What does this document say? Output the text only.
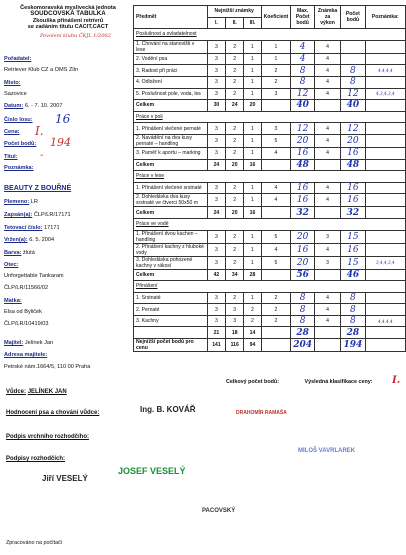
Českomoravská myslivecká jednota
SOUDCOVSKÁ TABULKA
Zkouška přinášení retrívrů
se zadáním titulu CACIT,CACT
Povolení klubu ČKJL 1/2002
Pořadatel:
Retriever Klub CZ a OMS Zlín
Místo:
Sazovice
Datum: 6. - 7. 10. 2007
Číslo losu: 16
Cena: I.
Počet bodů: 194
Titul: -
Poznámka:
BEAUTY Z BOUŘNÉ
Plemeno: LR
Zapsán(a): ČLP/LR/17171
Tetovací číslo: 17171
Vržen(a): 6. 5. 2004
Barva: žlutá
Otec:
Unforgettable Tankaram
ČLP/LR/11566/02
Matka:
Elsa od Byliček
ČLP/LR/10419/03
Majitel: Jelínek Jan
Adresa majitele:
Petrské nám.1664/5, 110 00 Praha
Předmět	Nejnižší známky			Koeficient	Max. Počet bodů	Známka za výkon	Počet bodů	Poznámka:
	I.	II.	III.					
Poslušnost a ovladatelnost								
1. Chování na stanovišti v lese	3	2	1	1	4	4		
2. Vodění psa	3	2	1	1	4	4		
3. Radost při práci	3	2	1	2	8	4	8	4,4,4,4
4. Odložení	3	2	1	2	8	4	8	
5. Poslušnost pole, voda, les	3	2	1	3	12	4	12	4,3,4,3,4
Celkem	30	24	20		40		40	
Práce v poli								
1. Přinášení vlečené pernaté	3	2	1	3	12	4	12	
2. Navádění na dva kusy pernaté – handling	3	2	1	5	20	4	20	
3. Paměť k aportu – marking	3	2	1	4	16	4	16	
Celkem	24	20	16		48		48	
Práce v lese								
1. Přinášení vlečené srstnaté	3	2	1	4	16	4	16	
2. Dohledávka dva kusy srstnaté ve čtverci 50x50 m	3	2	1	4	16	4	16	
Celkem	24	20	16		32		32	
Práce ve vodě								
1. Přinášení dvou kachen – handling	3	2	1	5	20	3	15	
2. Přinášení kachny z hluboké vody	3	2	1	4	16	4	16	
3. Dohledávka pohozené kachny v rákosí	3	2	1	5	20	3	15	3,4,4,3,4
Celkem	42	34	28		56		46	
Přinášení								
1. Srstnaté	3	2	1	2	8	4	8	
2. Pernaté	3	3	2	2	8	4	8	
3. Kachny	3	3	2	2	8	4	8	4,4,4,4
	21	18	14		28		28	
Nejnižší počet bodů pro cenu	141	116	94		204		194	
Celkový počet bodů:	Výsledná klasifikace ceny: I.
Vůdce: JELÍNEK JAN
Hodnocení psa a chování vůdce:	Ing. B. KOVÁŘ	DRAHOMÍR RAMAŠA
Podpis vrchního rozhodčího:
Podpisy rozhodčích:
JOSEF VESELÝ
MILOŠ VAVRLAREK
Jiří VESELÝ
PACOVSKÝ
Zpracováno na počítači
